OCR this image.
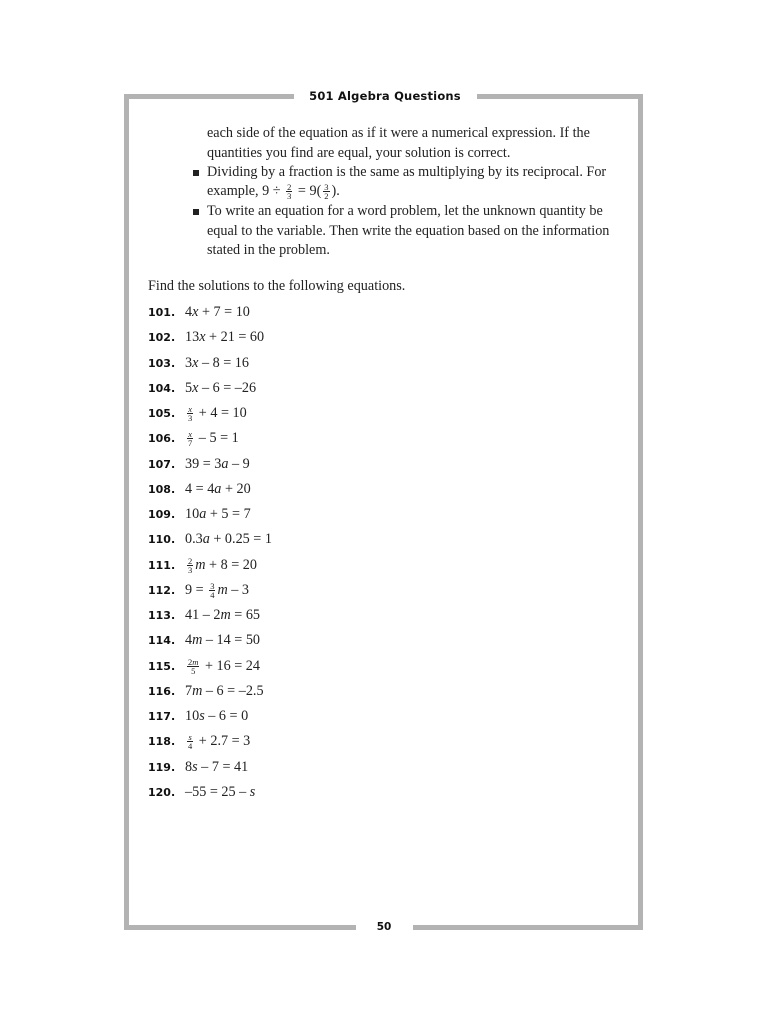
501 Algebra Questions
each side of the equation as if it were a numerical expression. If the quantities you find are equal, your solution is correct.
Dividing by a fraction is the same as multiplying by its reciprocal. For
example, $9 \div \frac{2}{3} = 9( \frac{3}{2}$ ).
To write an equation for a word problem, let the unknown quantity be equal to the variable. Then write the equation based on the information stated in the problem.
Find the solutions to the following equations.
101. 4x + 7 = 10
102. 13x + 21 = 60
103. 3x – 8 = 16
104. 5x – 6 = –26
105. $\frac{x}{3} + 4 = 10$
106. $\frac{x}{7} - 5 = 1$
107. 39 = 3a – 9
108. 4 = 4a + 20
109. 10a + 5 = 7
110. 0.3a + 0.25 = 1
111. $\frac{2}{3}$ m + 8 = 20
112. $9 = \frac{3}{4}$ m – 3
113. 41 – 2m = 65
114. 4m – 14 = 50
115. $\frac{2m}{5} + 16 = 24$
116. 7m – 6 = –2.5
117. 10s – 6 = 0
118. $\frac{s}{4} + 2.7 = 3$
119. 8s – 7 = 41
120. –55 = 25 – s
50
